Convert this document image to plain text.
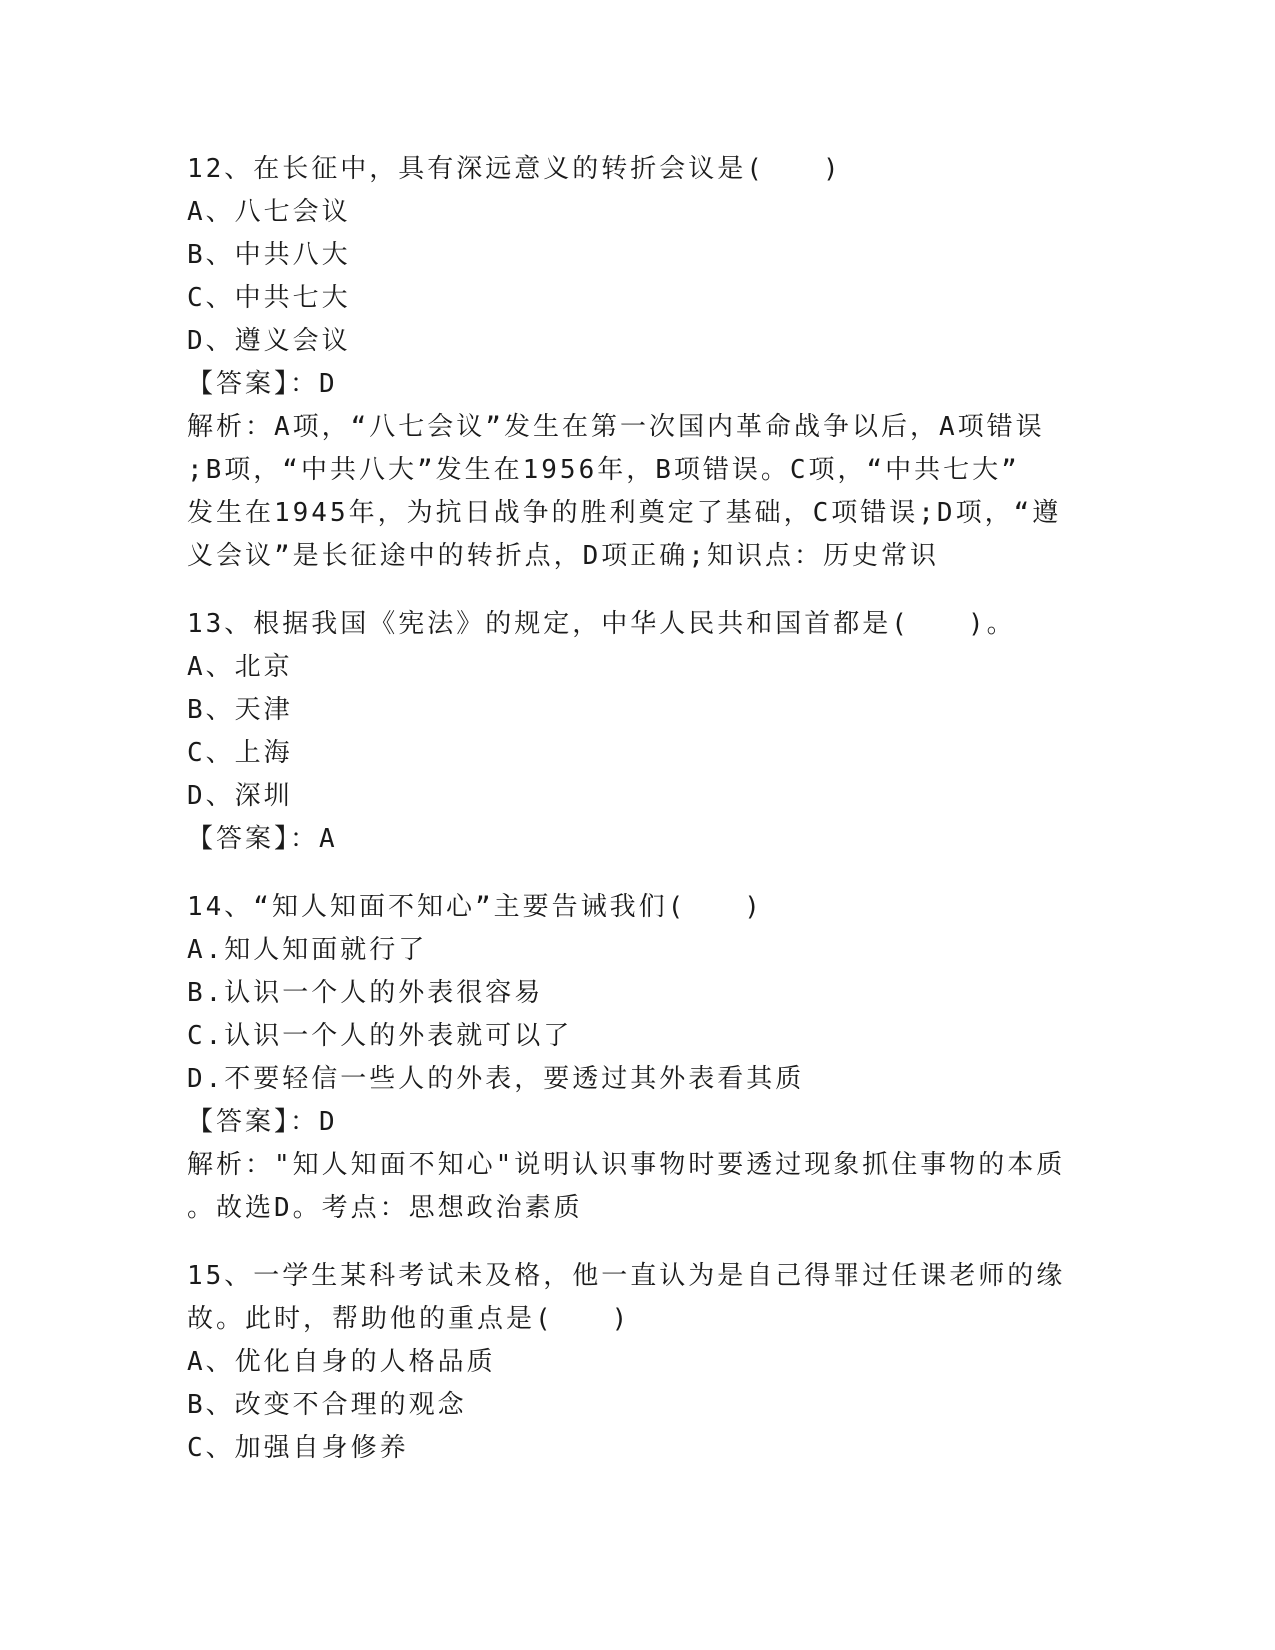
12、在长征中，具有深远意义的转折会议是(　　)
A、八七会议
B、中共八大
C、中共七大
D、遵义会议
【答案】：D
解析：A项，“八七会议”发生在第一次国内革命战争以后，A项错误
;B项，“中共八大”发生在1956年，B项错误。C项，“中共七大”
发生在1945年，为抗日战争的胜利奠定了基础，C项错误;D项，“遵
义会议”是长征途中的转折点，D项正确;知识点：历史常识
13、根据我国《宪法》的规定，中华人民共和国首都是(　　)。
A、北京
B、天津
C、上海
D、深圳
【答案】：A
14、“知人知面不知心”主要告诫我们(　　)
A.知人知面就行了
B.认识一个人的外表很容易
C.认识一个人的外表就可以了
D.不要轻信一些人的外表，要透过其外表看其质
【答案】：D
解析："知人知面不知心"说明认识事物时要透过现象抓住事物的本质
。故选D。考点：思想政治素质
15、一学生某科考试未及格，他一直认为是自己得罪过任课老师的缘
故。此时，帮助他的重点是(　　)
A、优化自身的人格品质
B、改变不合理的观念
C、加强自身修养
